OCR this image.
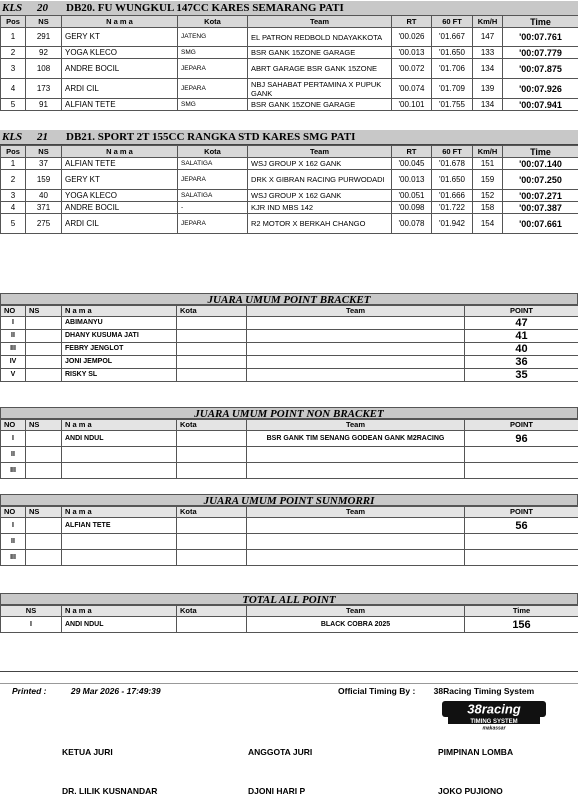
KLS 20 DB20. FU WUNGKUL 147CC KARES SEMARANG PATI
Pos	NS	N a m a	Kota	Team	RT	60 FT	Km/H	Time
1	291	GERY KT	JATENG	EL PATRON REDBOLD NDAYAKKOTA	'00.026	'01.667	147	'00:07.761
2	92	YOGA KLECO	SMG	BSR GANK 15ZONE GARAGE	'00.013	'01.650	133	'00:07.779
3	108	ANDRE BOCIL	JEPARA	ABRT GARAGE BSR GANK 15ZONE	'00.072	'01.706	134	'00:07.875
4	173	ARDI CIL	JEPARA	NBJ SAHABAT PERTAMINA X PUPUK GANK	'00.074	'01.709	139	'00:07.926
5	91	ALFIAN TETE	SMG	BSR GANK 15ZONE GARAGE	'00.101	'01.755	134	'00:07.941
KLS 21 DB21. SPORT 2T 155CC RANGKA STD KARES SMG PATI
Pos	NS	N a m a	Kota	Team	RT	60 FT	Km/H	Time
1	37	ALFIAN TETE	SALATIGA	WSJ GROUP X 162 GANK	'00.045	'01.678	151	'00:07.140
2	159	GERY KT	JEPARA	DRK X GIBRAN RACING PURWODADI	'00.013	'01.650	159	'00:07.250
3	40	YOGA KLECO	SALATIGA	WSJ GROUP X 162 GANK	'00.051	'01.666	152	'00:07.271
4	371	ANDRE BOCIL	-	KJR IND MBS 142	'00.098	'01.722	158	'00:07.387
5	275	ARDI CIL	JEPARA	R2 MOTOR X BERKAH CHANGO	'00.078	'01.942	154	'00:07.661
JUARA UMUM POINT BRACKET
NO	NS	N a m a	Kota	Team	POINT
I		ABIMANYU			47
II		DHANY KUSUMA JATI			41
III		FEBRY JENGLOT			40
IV		JONI JEMPOL			36
V		RISKY SL			35
JUARA UMUM POINT NON BRACKET
NO	NS	N a m a	Kota	Team	POINT
I		ANDI NDUL		BSR GANK TIM SENANG GODEAN GANK M2RACING	96
II					
III					
JUARA UMUM POINT SUNMORRI
NO	NS	N a m a	Kota	Team	POINT
I		ALFIAN TETE			56
II					
III					
TOTAL ALL POINT
NS	N a m a	Kota	Team	Time
I	ANDI NDUL		BLACK COBRA 2025	156
Printed :	29 Mar 2026 - 17:49:39	Official Timing By : 38Racing Timing System
38racing
TIMING SYSTEM
makassar
KETUA JURI	ANGGOTA JURI	PIMPINAN LOMBA
DR. LILIK KUSNANDAR	DJONI HARI P	JOKO PUJIONO
